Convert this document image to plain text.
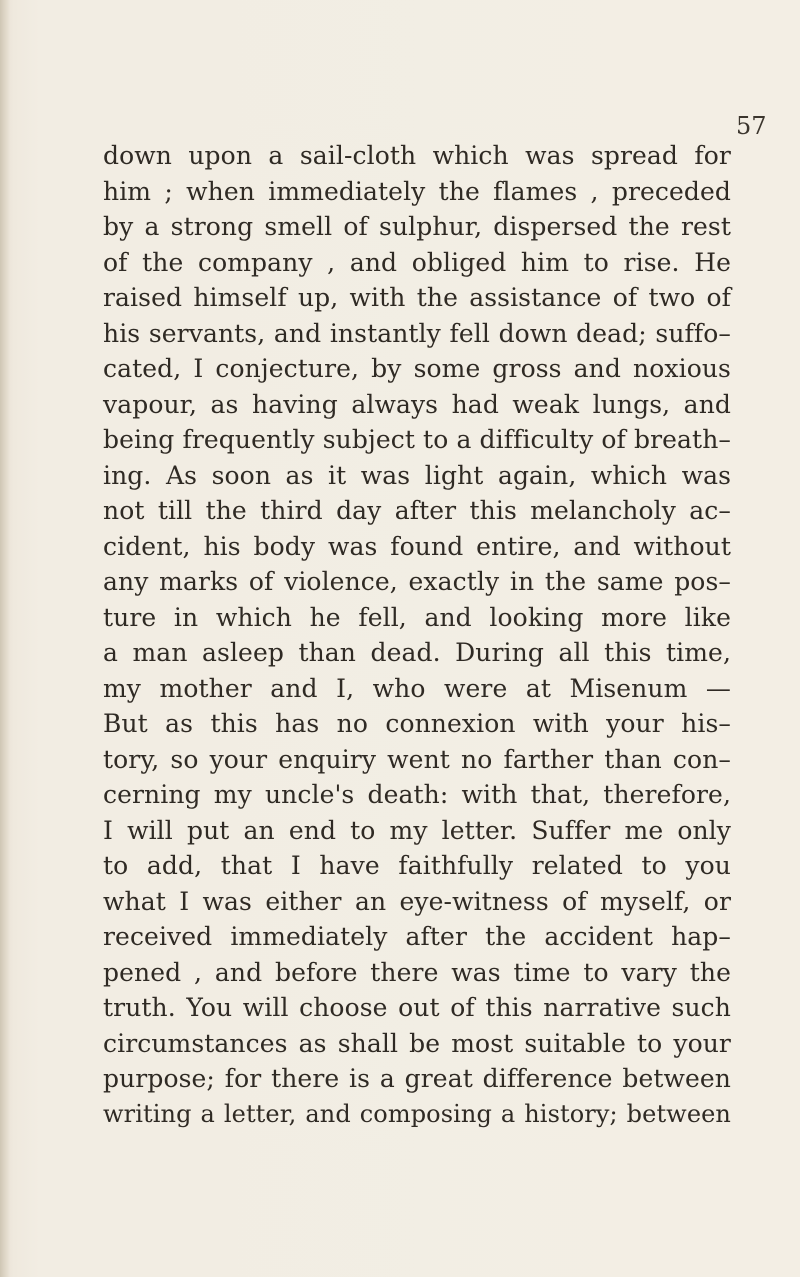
57
down upon a sail-cloth which was spread for
him ; when immediately the flames , preceded
by a strong smell of sulphur, dispersed the rest
of the company , and obliged him to rise. He
raised himself up, with the assistance of two of
his servants, and instantly fell down dead; suffo–
cated, I conjecture, by some gross and noxious
vapour, as having always had weak lungs, and
being frequently subject to a difficulty of breath–
ing. As soon as it was light again, which was
not till the third day after this melancholy ac–
cident, his body was found entire, and without
any marks of violence, exactly in the same pos–
ture in which he fell, and looking more like
a man asleep than dead. During all this time,
my mother and I, who were at Misenum —
But as this has no connexion with your his–
tory, so your enquiry went no farther than con–
cerning my uncle's death: with that, therefore,
I will put an end to my letter. Suffer me only
to add, that I have faithfully related to you
what I was either an eye-witness of myself, or
received immediately after the accident hap–
pened , and before there was time to vary the
truth. You will choose out of this narrative such
circumstances as shall be most suitable to your
purpose; for there is a great difference between
writing a letter, and composing a history; between
